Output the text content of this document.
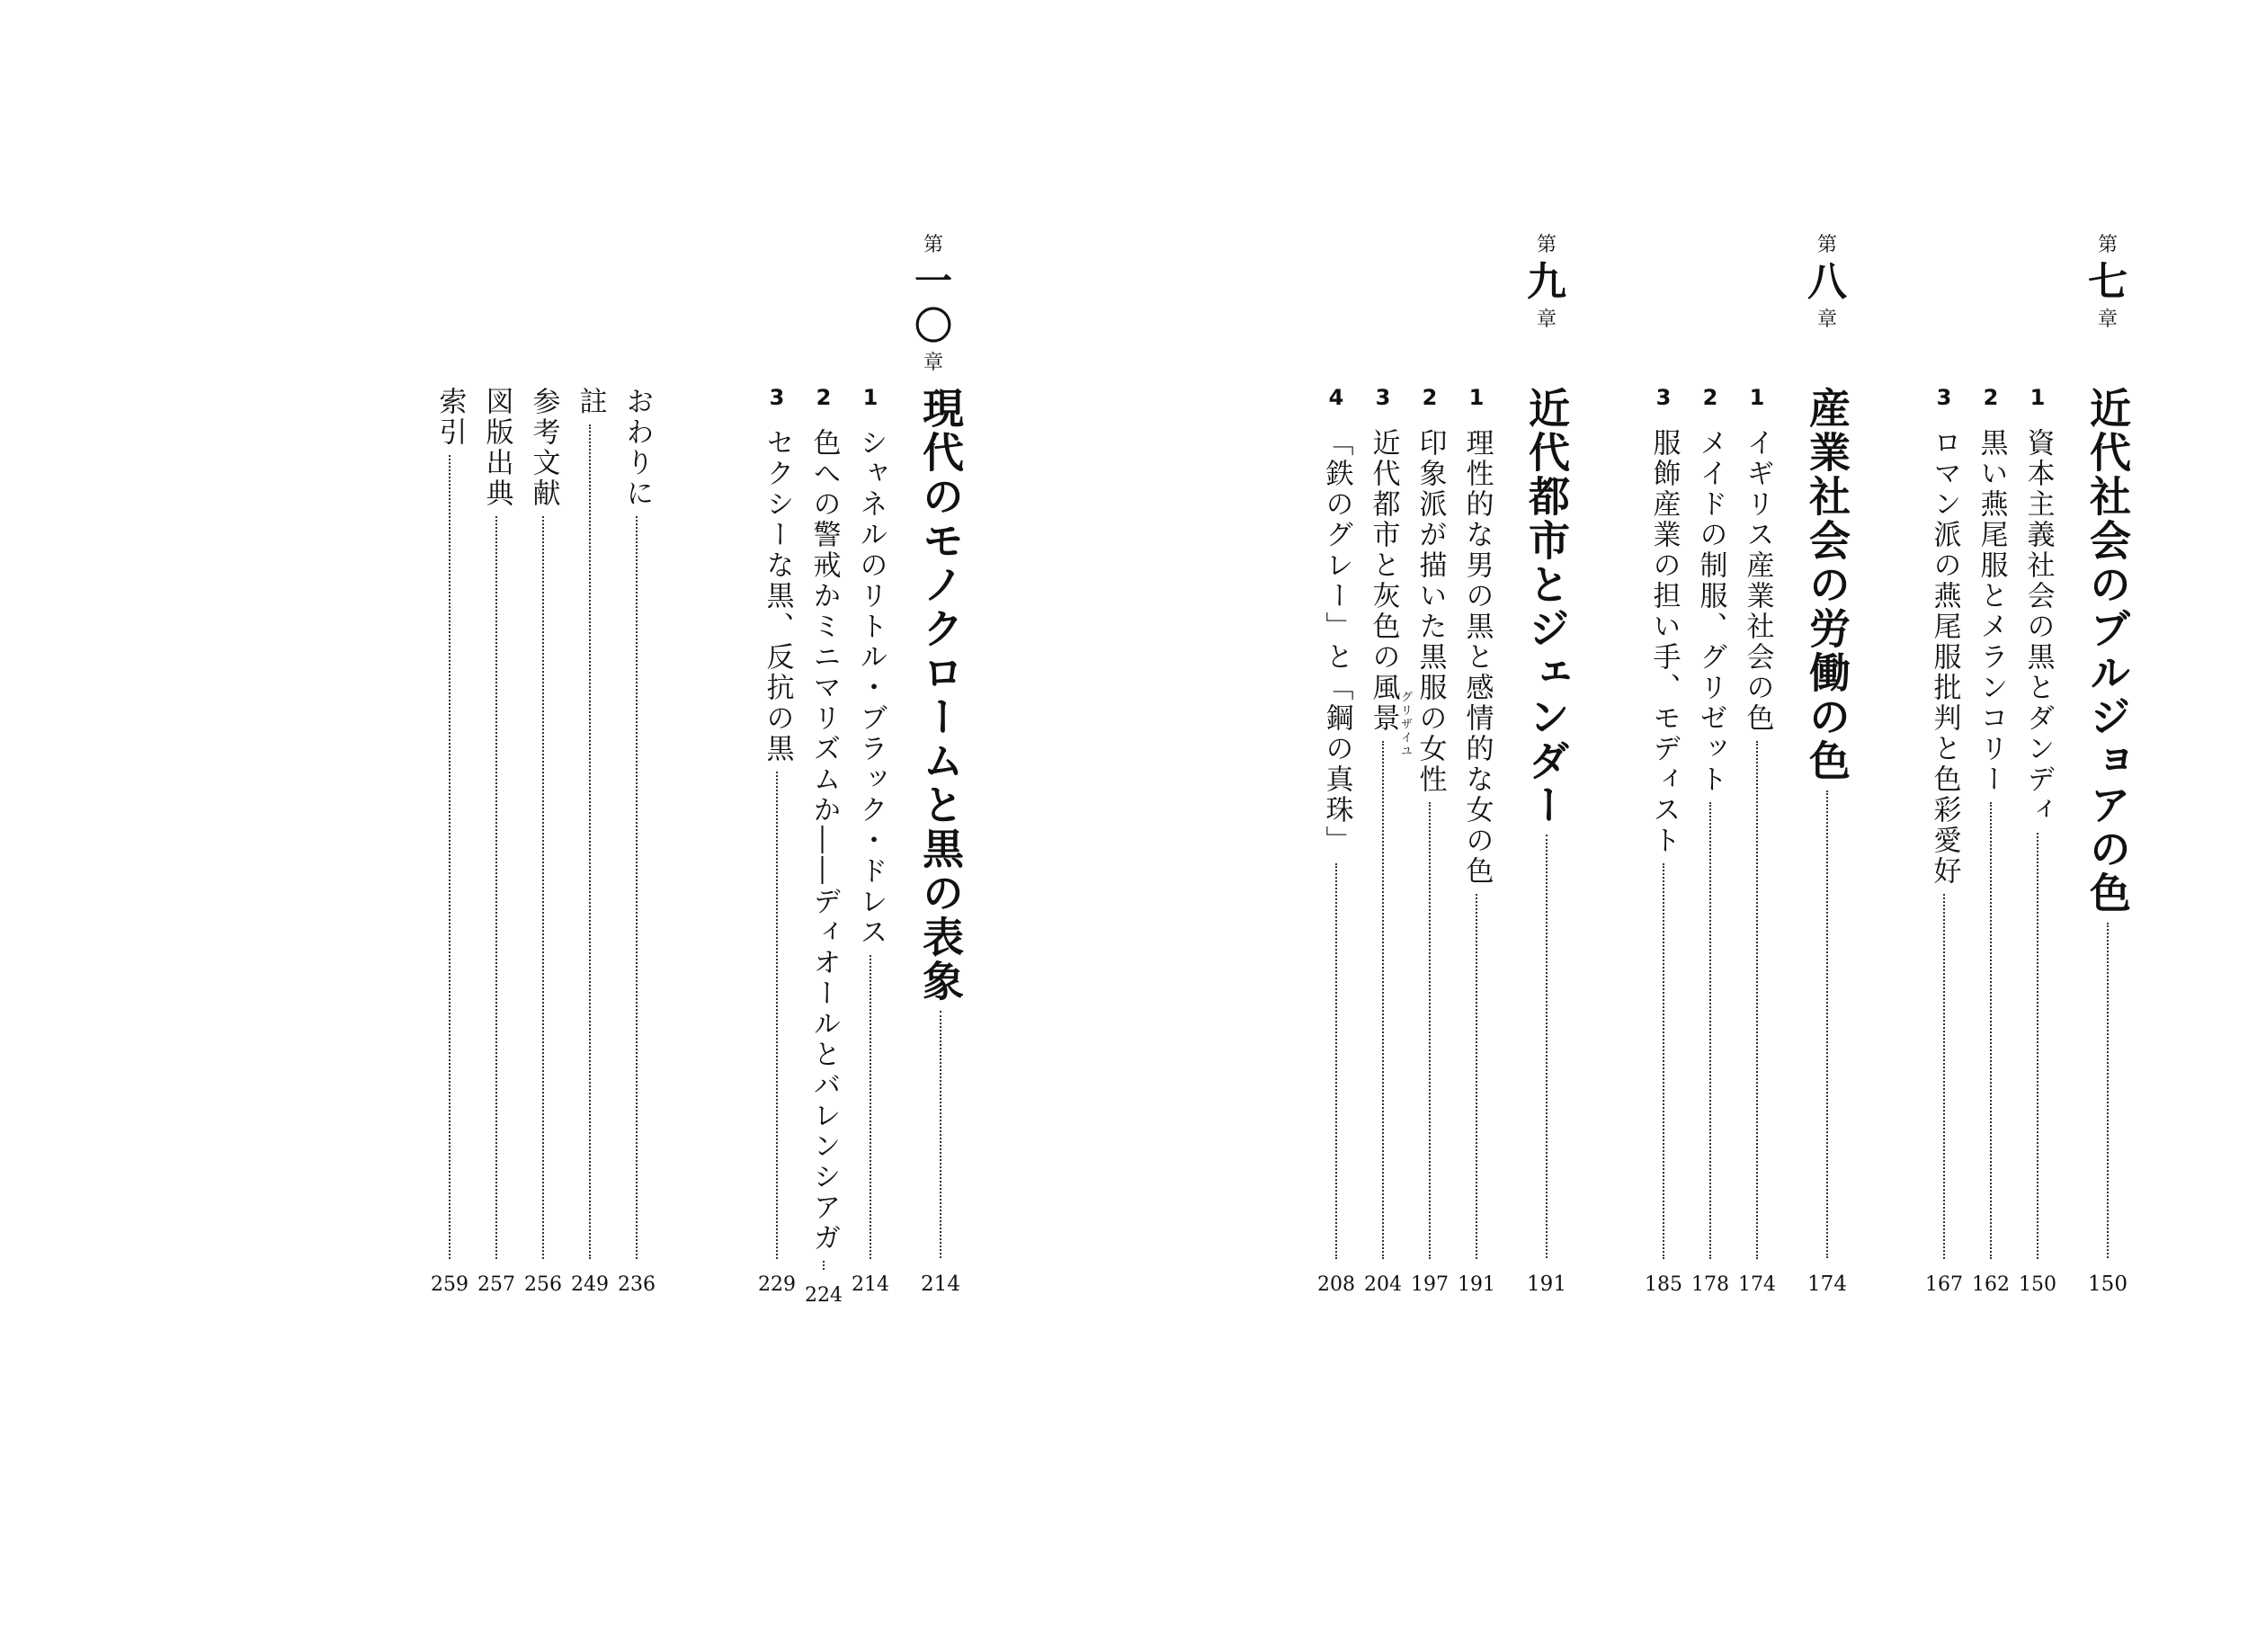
第
七
章
近代社会のブルジョアの色
150
1
資本主義社会の黒とダンディ
150
2
黒い燕尾服とメランコリー
162
3
ロマン派の燕尾服批判と色彩愛好
167
第
八
章
産業社会の労働の色
174
1
イギリス産業社会の色
174
2
メイドの制服、グリゼット
178
3
服飾産業の担い手、モディスト
185
第
九
章
近代都市とジェンダー
191
1
理性的な男の黒と感情的な女の色
191
2
印象派が描いた黒服の女性
197
グリザイユ
3
近代都市と灰色の風景
204
4
「鉄のグレー」と「鋼の真珠」
208
第
一〇
章
現代のモノクロームと黒の表象
214
1
シャネルのリトル・ブラック・ドレス
214
2
色への警戒かミニマリズムか――ディオールとバレンシアガ
224
3
セクシーな黒、反抗の黒
229
おわりに
236
註
249
参考文献
256
図版出典
257
索引
259
